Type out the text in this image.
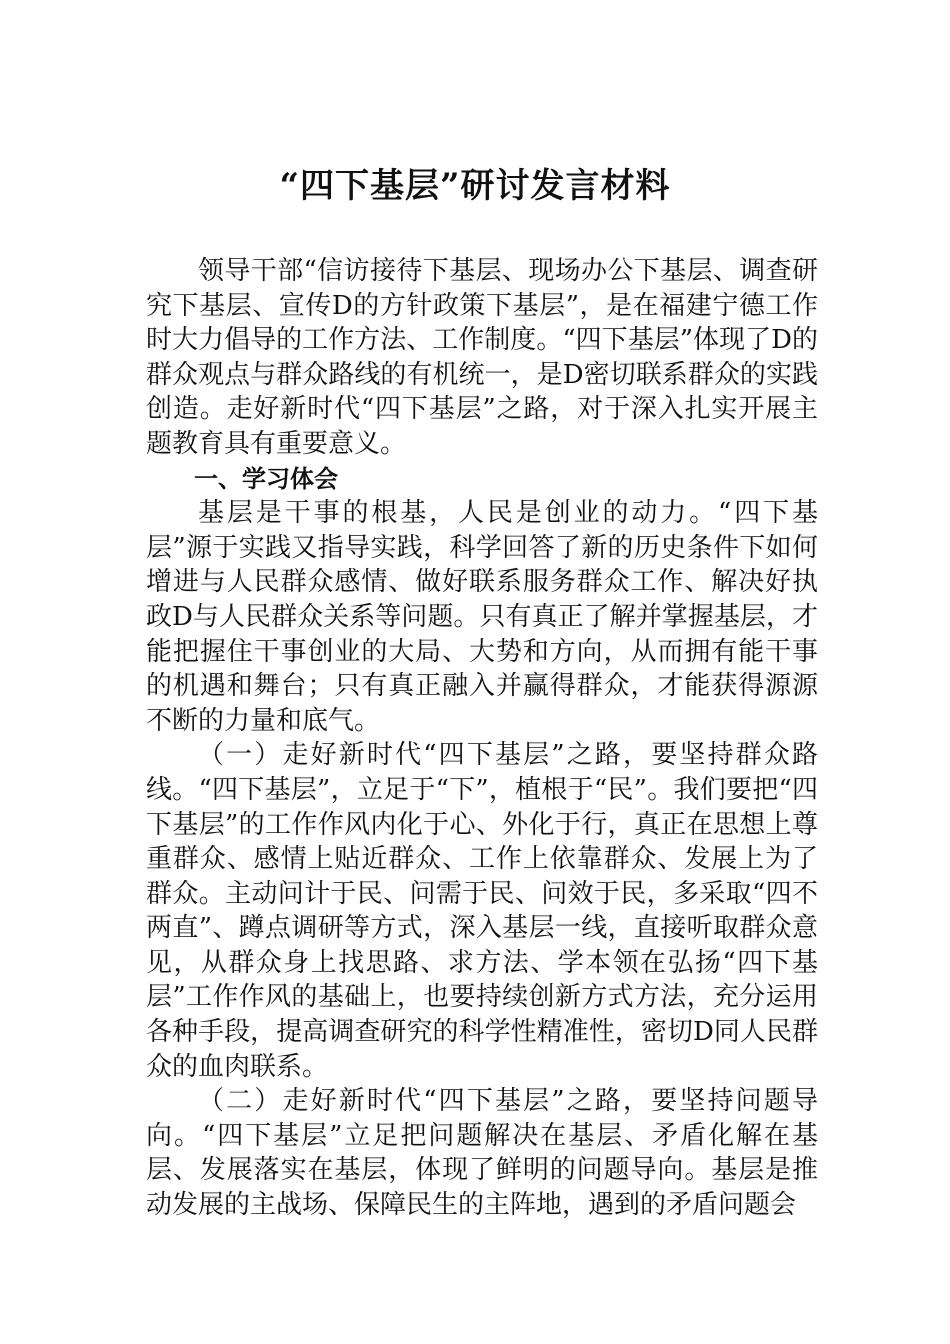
“四下基层”研讨发言材料

领导干部“信访接待下基层、现场办公下基层、调查研究下基层、宣传D的方针政策下基层”，是在福建宁德工作时大力倡导的工作方法、工作制度。“四下基层”体现了D的群众观点与群众路线的有机统一，是D密切联系群众的实践创造。走好新时代“四下基层”之路，对于深入扎实开展主题教育具有重要意义。

一、学习体会

基层是干事的根基，人民是创业的动力。“四下基层”源于实践又指导实践，科学回答了新的历史条件下如何增进与人民群众感情、做好联系服务群众工作、解决好执政D与人民群众关系等问题。只有真正了解并掌握基层，才能把握住干事创业的大局、大势和方向，从而拥有能干事的机遇和舞台；只有真正融入并赢得群众，才能获得源源不断的力量和底气。

（一）走好新时代“四下基层”之路，要坚持群众路线。“四下基层”，立足于“下”，植根于“民”。我们要把“四下基层”的工作作风内化于心、外化于行，真正在思想上尊重群众、感情上贴近群众、工作上依靠群众、发展上为了群众。主动问计于民、问需于民、问效于民，多采取“四不两直”、蹲点调研等方式，深入基层一线，直接听取群众意见，从群众身上找思路、求方法、学本领在弘扬“四下基层”工作作风的基础上，也要持续创新方式方法，充分运用各种手段，提高调查研究的科学性精准性，密切D同人民群众的血肉联系。

（二）走好新时代“四下基层”之路，要坚持问题导向。“四下基层”立足把问题解决在基层、矛盾化解在基层、发展落实在基层，体现了鲜明的问题导向。基层是推动发展的主战场、保障民生的主阵地，遇到的矛盾问题会
